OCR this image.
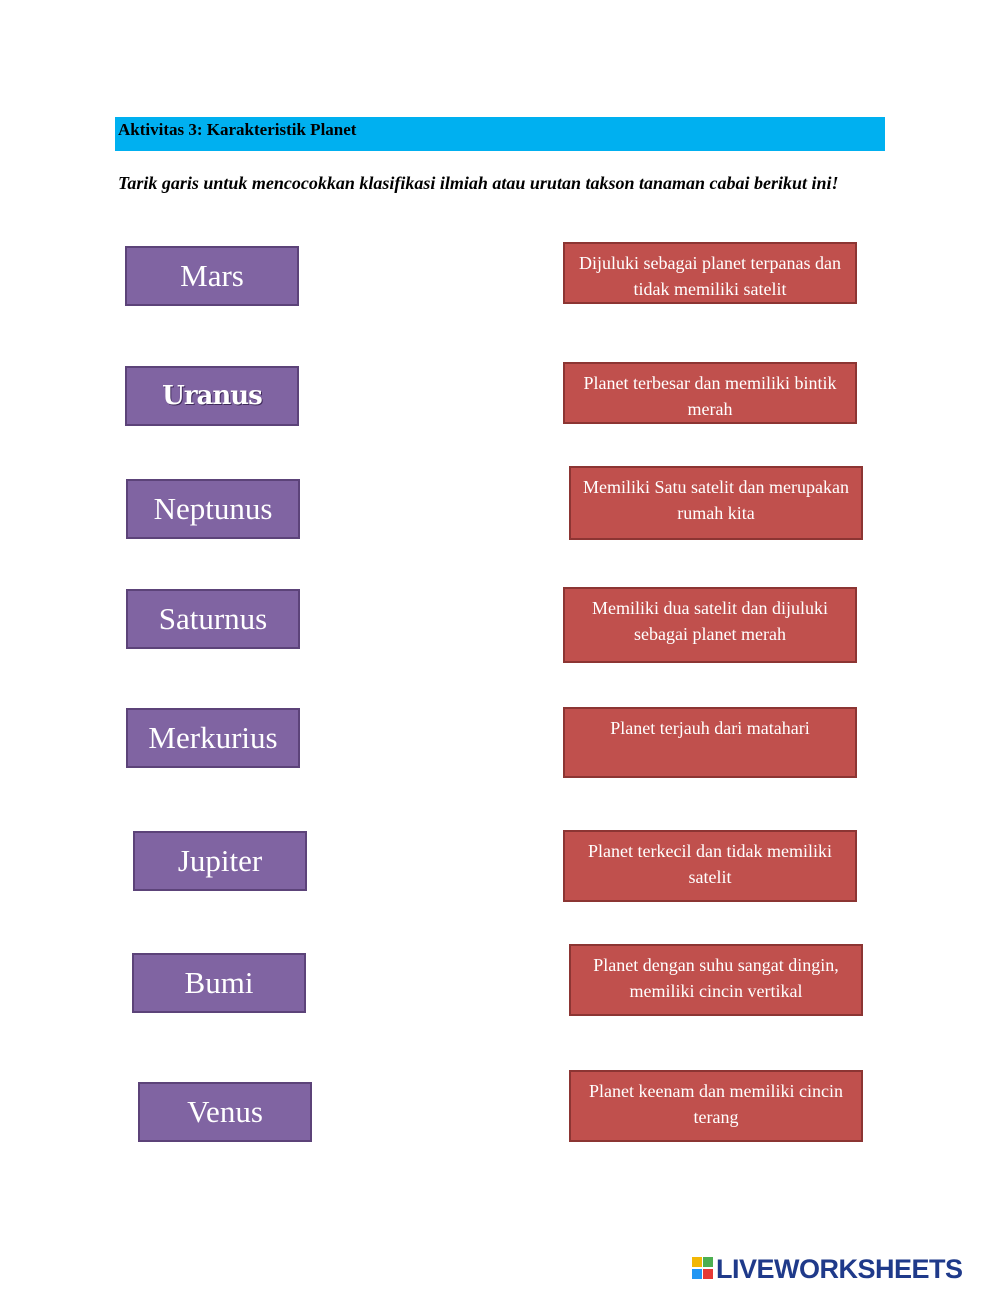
Aktivitas 3: Karakteristik Planet
Tarik garis untuk mencocokkan klasifikasi ilmiah atau urutan takson tanaman cabai berikut ini!
Mars
Uranus
Neptunus
Saturnus
Merkurius
Jupiter
Bumi
Venus
Dijuluki sebagai planet terpanas dan tidak memiliki satelit
Planet terbesar dan memiliki bintik merah
Memiliki Satu satelit dan merupakan rumah kita
Memiliki dua satelit dan dijuluki sebagai planet merah
Planet terjauh dari matahari
Planet terkecil dan tidak memiliki satelit
Planet dengan suhu sangat dingin, memiliki cincin vertikal
Planet keenam dan memiliki cincin terang
LIVEWORKSHEETS
